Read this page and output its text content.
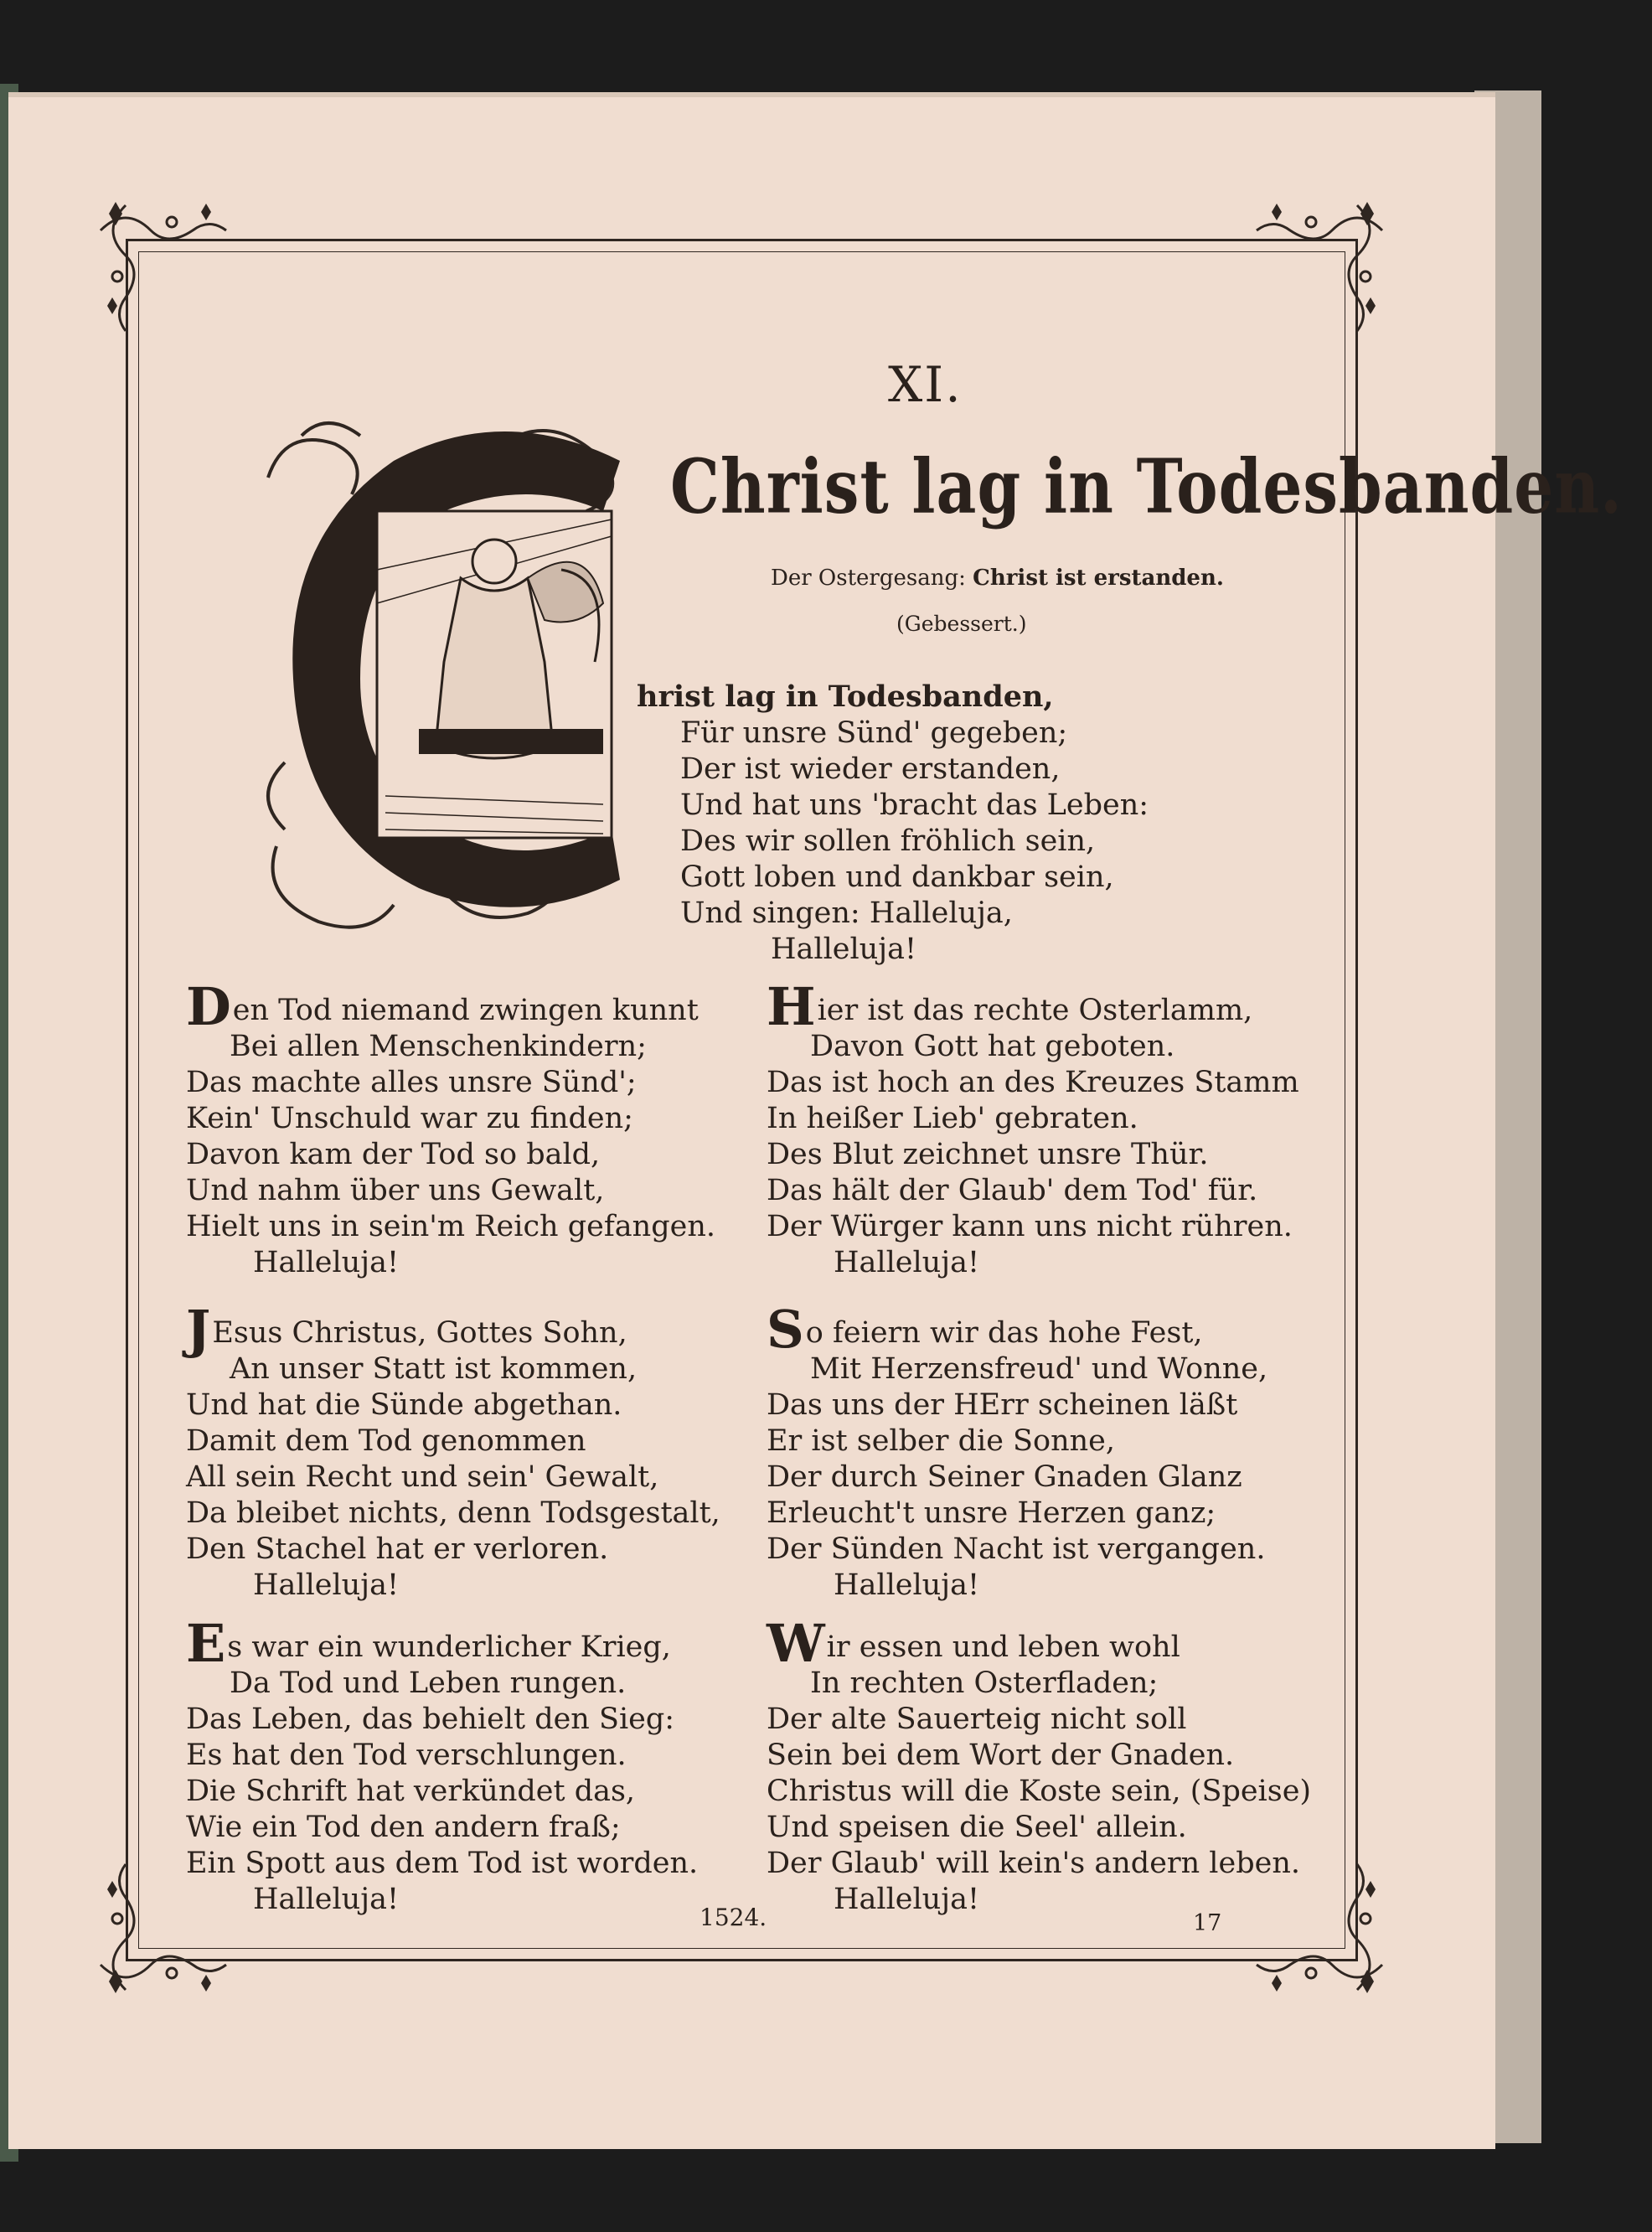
XI.
Christ lag in Todesbanden.
Der Ostergesang: Christ ist erstanden.
(Gebessert.)
hrist lag in Todesbanden,
Für unsre Sünd' gegeben;
Der ist wieder erstanden,
Und hat uns 'bracht das Leben:
Des wir sollen fröhlich sein,
Gott loben und dankbar sein,
Und singen: Halleluja,
Halleluja!
Den Tod niemand zwingen kunnt
Bei allen Menschenkindern;
Das machte alles unsre Sünd';
Kein' Unschuld war zu finden;
Davon kam der Tod so bald,
Und nahm über uns Gewalt,
Hielt uns in sein'm Reich gefangen.
Halleluja!
Hier ist das rechte Osterlamm,
Davon Gott hat geboten.
Das ist hoch an des Kreuzes Stamm
In heißer Lieb' gebraten.
Des Blut zeichnet unsre Thür.
Das hält der Glaub' dem Tod' für.
Der Würger kann uns nicht rühren.
Halleluja!
JEsus Christus, Gottes Sohn,
An unser Statt ist kommen,
Und hat die Sünde abgethan.
Damit dem Tod genommen
All sein Recht und sein' Gewalt,
Da bleibet nichts, denn Todsgestalt,
Den Stachel hat er verloren.
Halleluja!
So feiern wir das hohe Fest,
Mit Herzensfreud' und Wonne,
Das uns der HErr scheinen läßt
Er ist selber die Sonne,
Der durch Seiner Gnaden Glanz
Erleucht't unsre Herzen ganz;
Der Sünden Nacht ist vergangen.
Halleluja!
Es war ein wunderlicher Krieg,
Da Tod und Leben rungen.
Das Leben, das behielt den Sieg:
Es hat den Tod verschlungen.
Die Schrift hat verkündet das,
Wie ein Tod den andern fraß;
Ein Spott aus dem Tod ist worden.
Halleluja!
Wir essen und leben wohl
In rechten Osterfladen;
Der alte Sauerteig nicht soll
Sein bei dem Wort der Gnaden.
Christus will die Koste sein, (Speise)
Und speisen die Seel' allein.
Der Glaub' will kein's andern leben.
Halleluja!
1524.	17
